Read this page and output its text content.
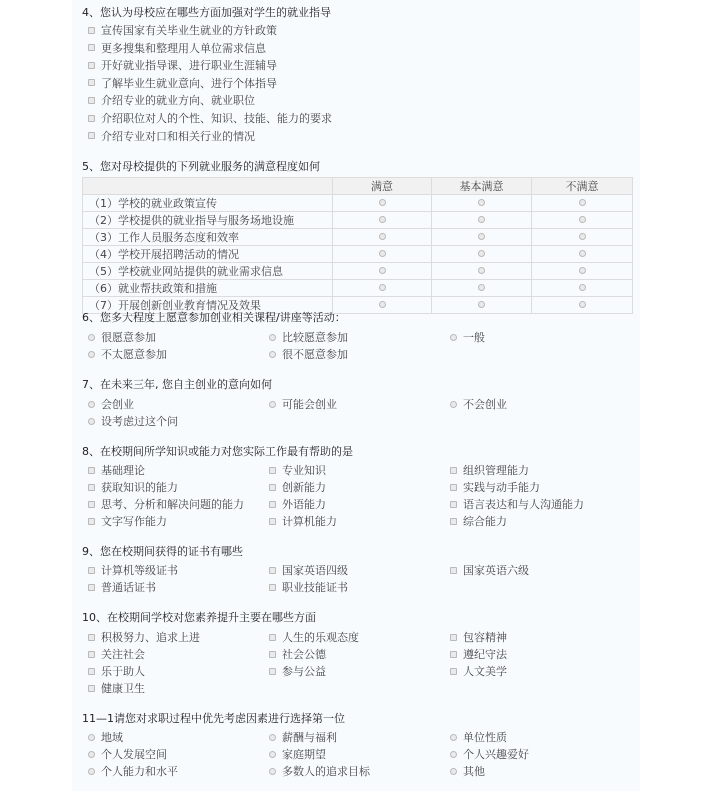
4、您认为母校应在哪些方面加强对学生的就业指导
宣传国家有关毕业生就业的方针政策
更多搜集和整理用人单位需求信息
开好就业指导课、进行职业生涯辅导
了解毕业生就业意向、进行个体指导
介绍专业的就业方向、就业职位
介绍职位对人的个性、知识、技能、能力的要求
介绍专业对口和相关行业的情况
5、您对母校提供的下列就业服务的满意程度如何
	满意	基本满意	不满意
（1）学校的就业政策宣传			
（2）学校提供的就业指导与服务场地设施			
（3）工作人员服务态度和效率			
（4）学校开展招聘活动的情况			
（5）学校就业网站提供的就业需求信息			
（6）就业帮扶政策和措施			
（7）开展创新创业教育情况及效果			
6、您多大程度上愿意参加创业相关课程/讲座等活动：
很愿意参加	比较愿意参加	一般
不太愿意参加	很不愿意参加
7、在未来三年, 您自主创业的意向如何
会创业	可能会创业	不会创业
设考虑过这个问
8、在校期间所学知识或能力对您实际工作最有帮助的是
基础理论	专业知识	组织管理能力
获取知识的能力	创新能力	实践与动手能力
思考、分析和解决问题的能力	外语能力	语言表达和与人沟通能力
文字写作能力	计算机能力	综合能力
9、您在校期间获得的证书有哪些
计算机等级证书	国家英语四级	国家英语六级
普通话证书	职业技能证书
10、在校期间学校对您素养提升主要在哪些方面
积极努力、追求上进	人生的乐观态度	包容精神
关注社会	社会公德	遵纪守法
乐于助人	参与公益	人文美学
健康卫生
11—1请您对求职过程中优先考虑因素进行选择第一位
地域	薪酬与福利	单位性质
个人发展空间	家庭期望	个人兴趣爱好
个人能力和水平	多数人的追求目标	其他
